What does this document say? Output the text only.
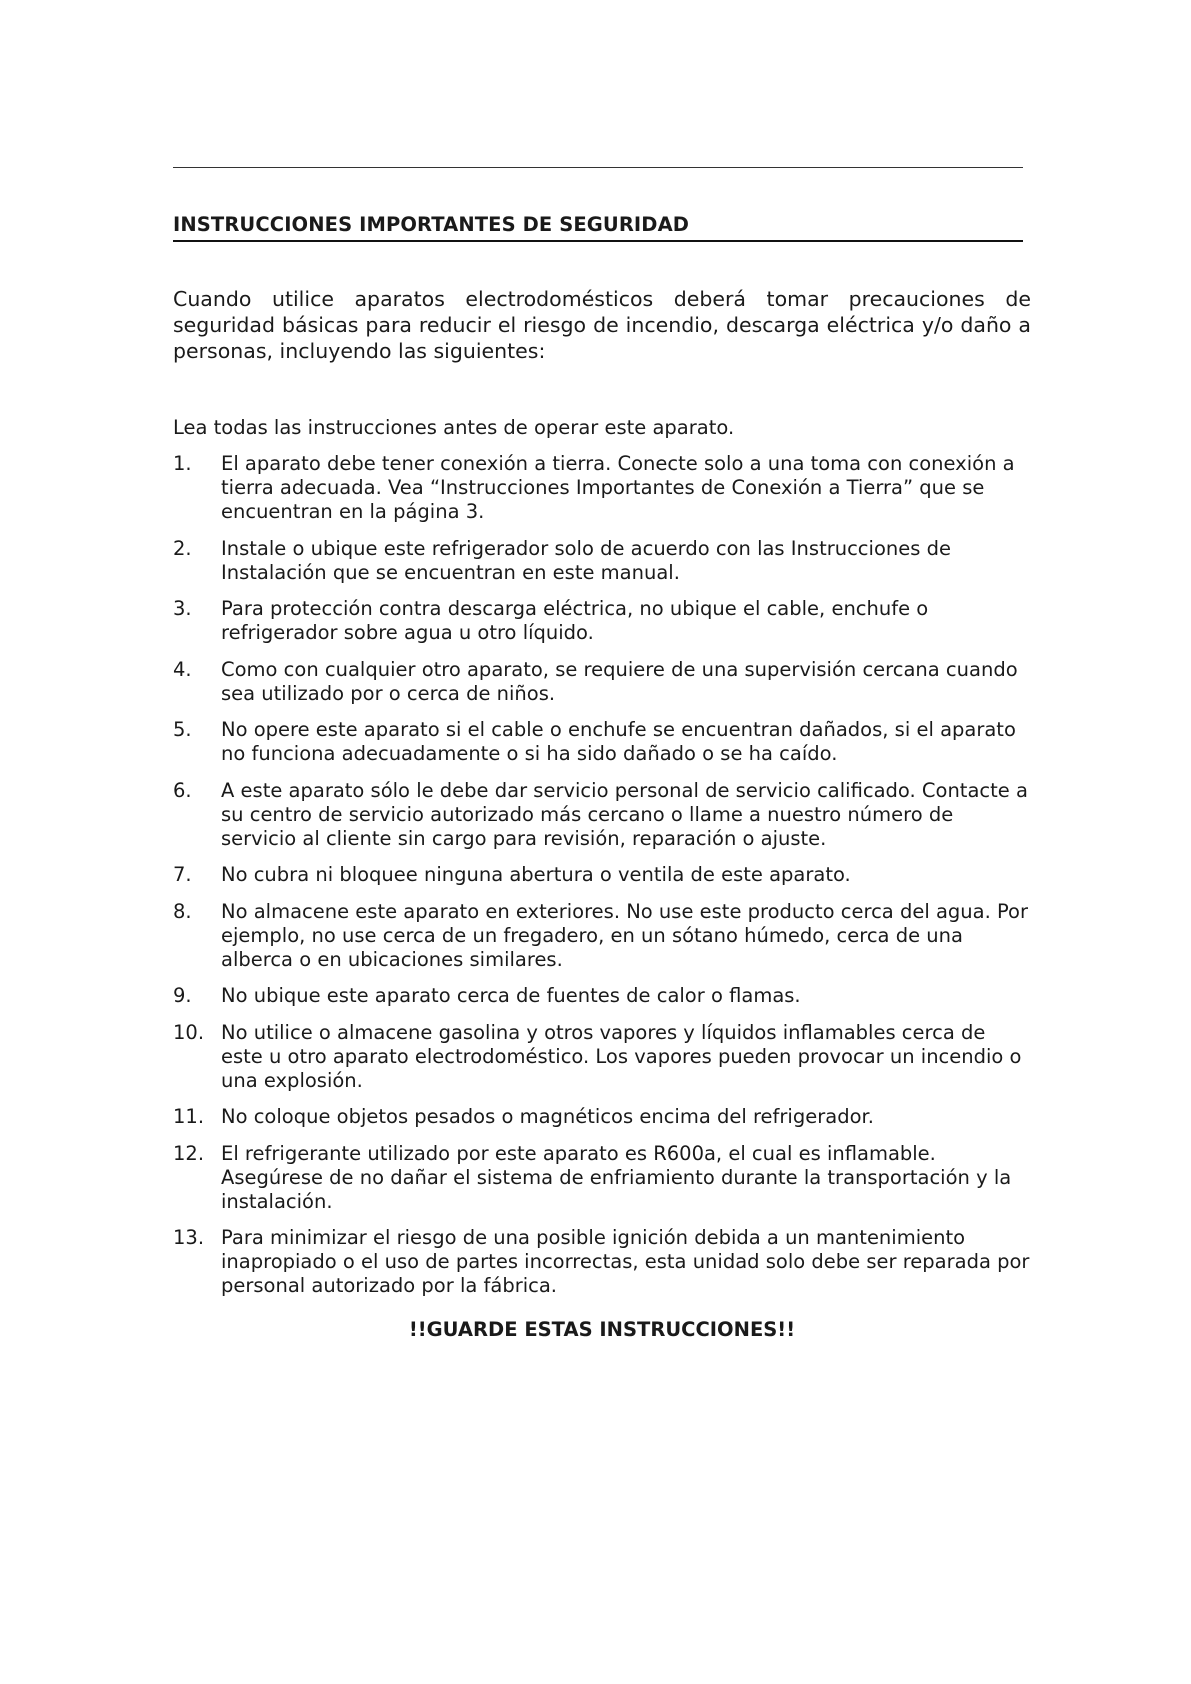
INSTRUCCIONES IMPORTANTES DE SEGURIDAD

Cuando utilice aparatos electrodomésticos deberá tomar precauciones de seguridad básicas para reducir el riesgo de incendio, descarga eléctrica y/o daño a personas, incluyendo las siguientes:

Lea todas las instrucciones antes de operar este aparato.

1. El aparato debe tener conexión a tierra. Conecte solo a una toma con conexión a tierra adecuada. Vea “Instrucciones Importantes de Conexión a Tierra” que se encuentran en la página 3.
2. Instale o ubique este refrigerador solo de acuerdo con las Instrucciones de Instalación que se encuentran en este manual.
3. Para protección contra descarga eléctrica, no ubique el cable, enchufe o refrigerador sobre agua u otro líquido.
4. Como con cualquier otro aparato, se requiere de una supervisión cercana cuando sea utilizado por o cerca de niños.
5. No opere este aparato si el cable o enchufe se encuentran dañados, si el aparato no funciona adecuadamente o si ha sido dañado o se ha caído.
6. A este aparato sólo le debe dar servicio personal de servicio calificado. Contacte a su centro de servicio autorizado más cercano o llame a nuestro número de servicio al cliente sin cargo para revisión, reparación o ajuste.
7. No cubra ni bloquee ninguna abertura o ventila de este aparato.
8. No almacene este aparato en exteriores. No use este producto cerca del agua. Por ejemplo, no use cerca de un fregadero, en un sótano húmedo, cerca de una alberca o en ubicaciones similares.
9. No ubique este aparato cerca de fuentes de calor o flamas.
10. No utilice o almacene gasolina y otros vapores y líquidos inflamables cerca de este u otro aparato electrodoméstico. Los vapores pueden provocar un incendio o una explosión.
11. No coloque objetos pesados o magnéticos encima del refrigerador.
12. El refrigerante utilizado por este aparato es R600a, el cual es inflamable. Asegúrese de no dañar el sistema de enfriamiento durante la transportación y la instalación.
13. Para minimizar el riesgo de una posible ignición debida a un mantenimiento inapropiado o el uso de partes incorrectas, esta unidad solo debe ser reparada por personal autorizado por la fábrica.

!!GUARDE ESTAS INSTRUCCIONES!!
